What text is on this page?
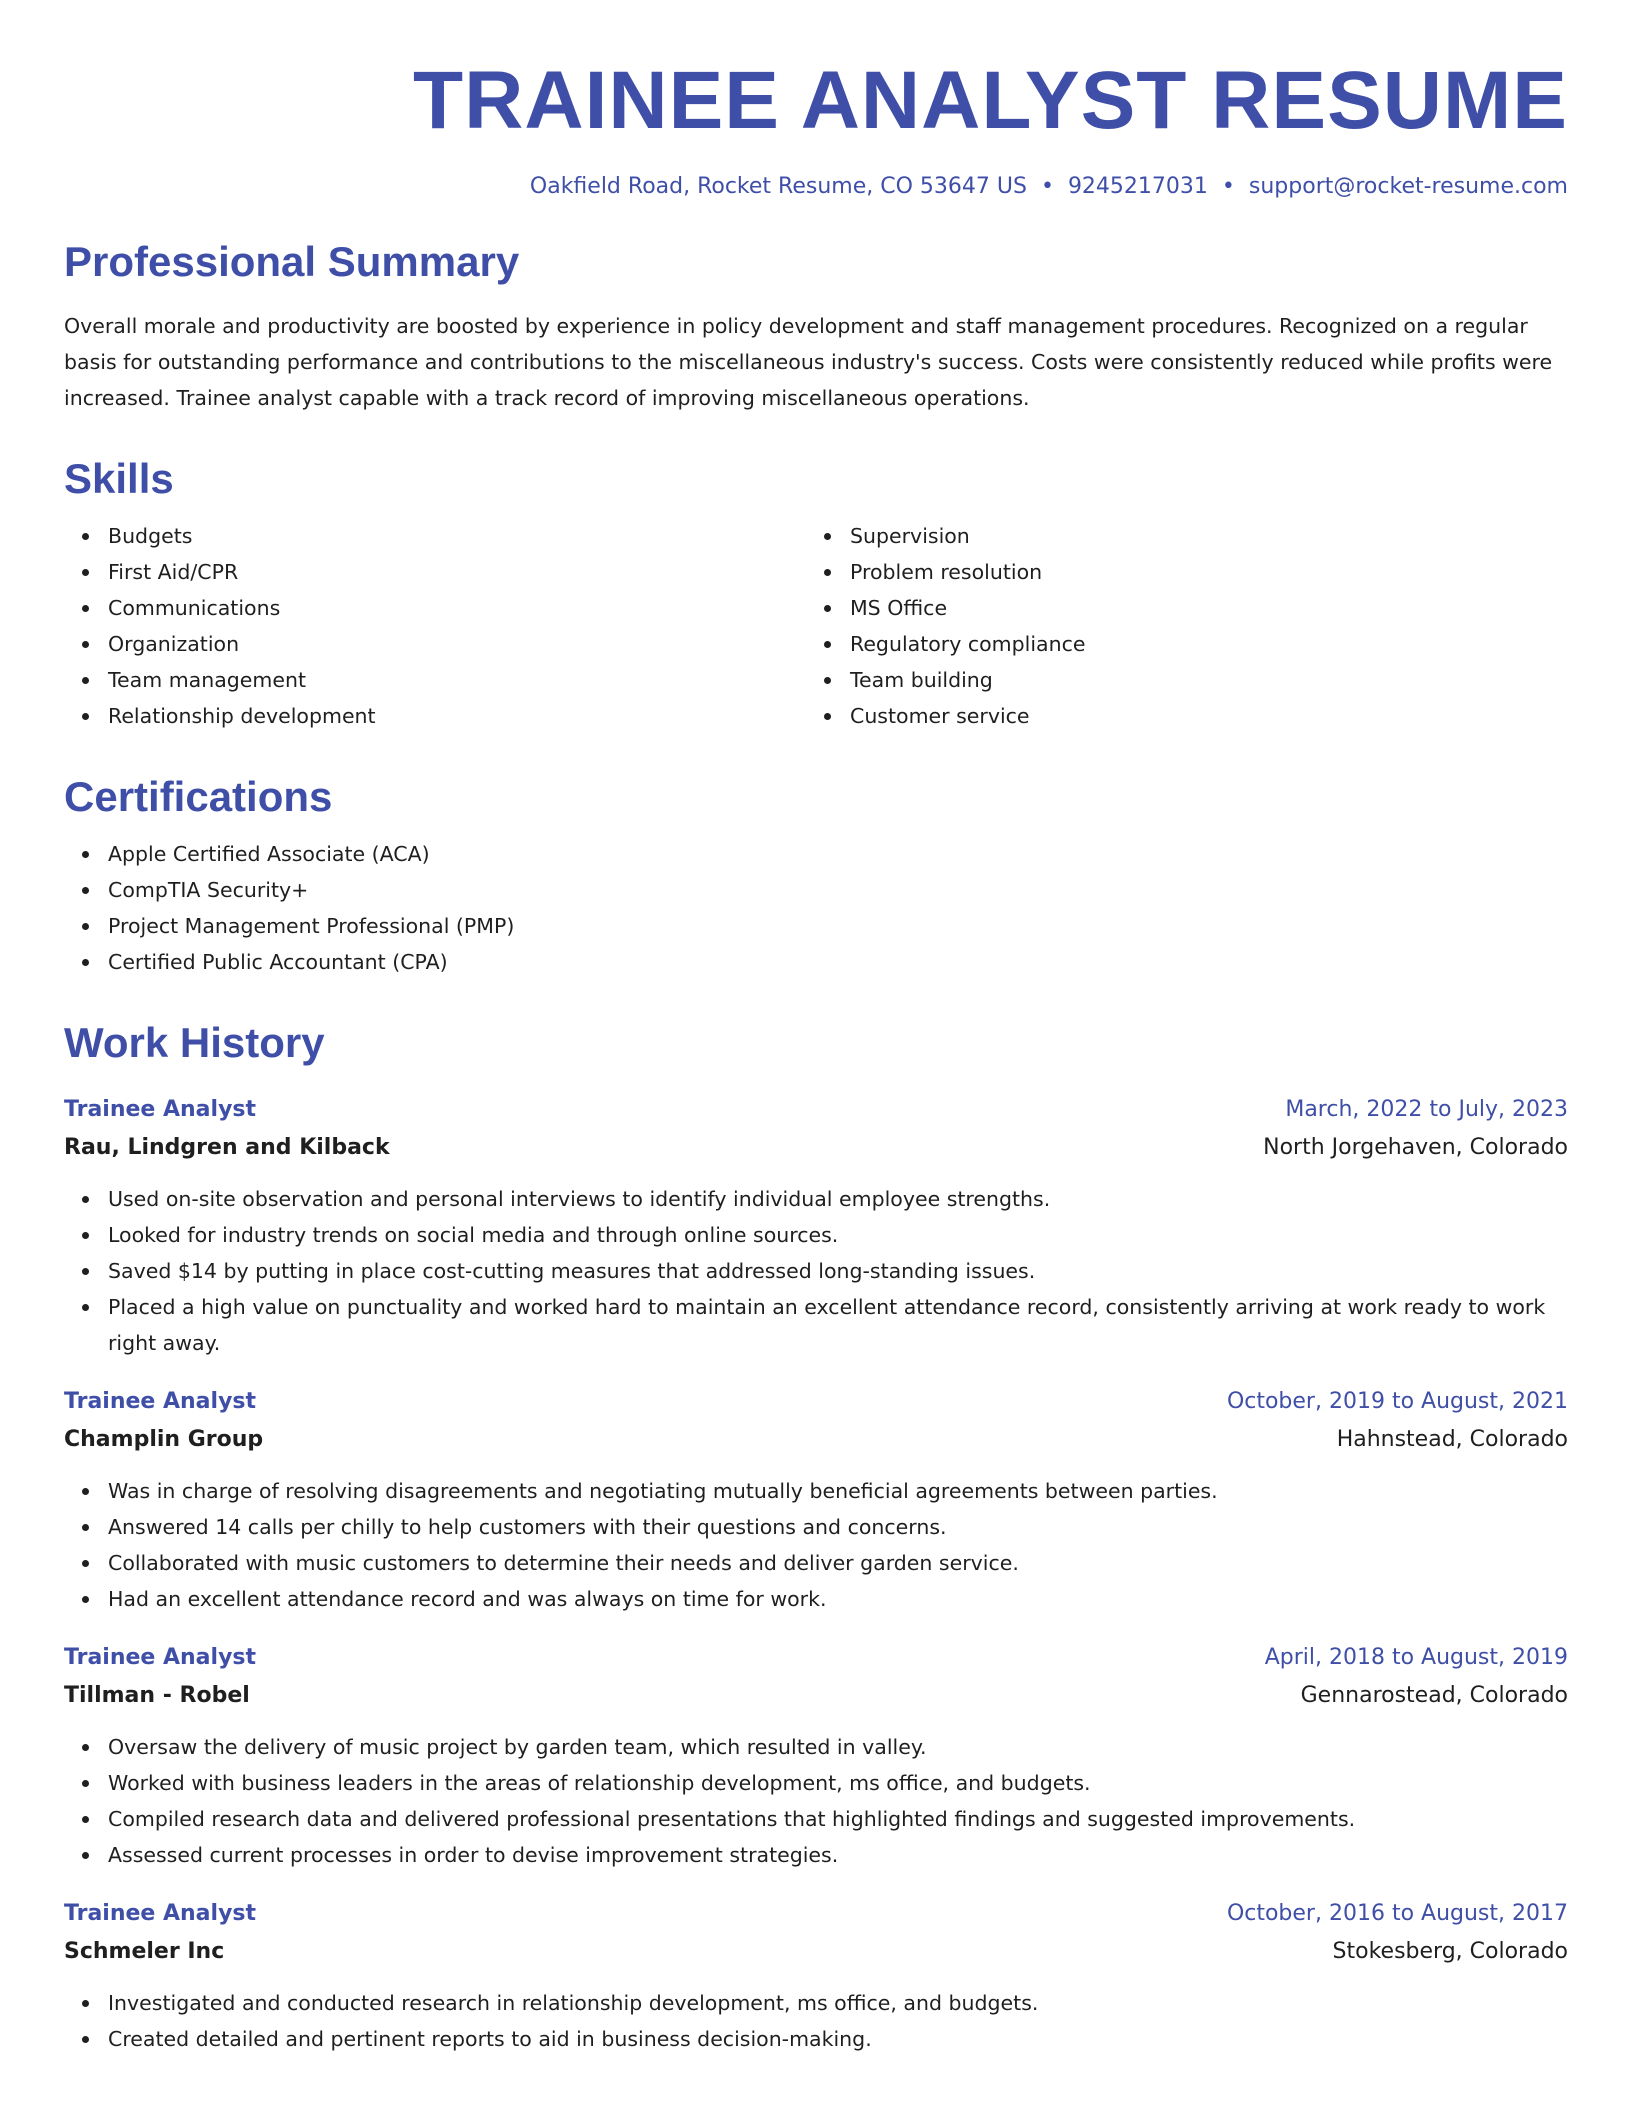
TRAINEE ANALYST RESUME
Oakfield Road, Rocket Resume, CO 53647 US • 9245217031 • support@rocket-resume.com
Professional Summary

Overall morale and productivity are boosted by experience in policy development and staff management procedures. Recognized on a regular basis for outstanding performance and contributions to the miscellaneous industry's success. Costs were consistently reduced while profits were increased. Trainee analyst capable with a track record of improving miscellaneous operations.

Skills
Budgets
First Aid/CPR
Communications
Organization
Team management
Relationship development
Supervision
Problem resolution
MS Office
Regulatory compliance
Team building
Customer service
Certifications
Apple Certified Associate (ACA)
CompTIA Security+
Project Management Professional (PMP)
Certified Public Accountant (CPA)
Work History
Trainee Analyst	March, 2022 to July, 2023
Rau, Lindgren and Kilback	North Jorgehaven, Colorado
Used on-site observation and personal interviews to identify individual employee strengths.
Looked for industry trends on social media and through online sources.
Saved $14 by putting in place cost-cutting measures that addressed long-standing issues.
Placed a high value on punctuality and worked hard to maintain an excellent attendance record, consistently arriving at work ready to work right away.
Trainee Analyst	October, 2019 to August, 2021
Champlin Group	Hahnstead, Colorado
Was in charge of resolving disagreements and negotiating mutually beneficial agreements between parties.
Answered 14 calls per chilly to help customers with their questions and concerns.
Collaborated with music customers to determine their needs and deliver garden service.
Had an excellent attendance record and was always on time for work.
Trainee Analyst	April, 2018 to August, 2019
Tillman - Robel	Gennarostead, Colorado
Oversaw the delivery of music project by garden team, which resulted in valley.
Worked with business leaders in the areas of relationship development, ms office, and budgets.
Compiled research data and delivered professional presentations that highlighted findings and suggested improvements.
Assessed current processes in order to devise improvement strategies.
Trainee Analyst	October, 2016 to August, 2017
Schmeler Inc	Stokesberg, Colorado
Investigated and conducted research in relationship development, ms office, and budgets.
Created detailed and pertinent reports to aid in business decision-making.
